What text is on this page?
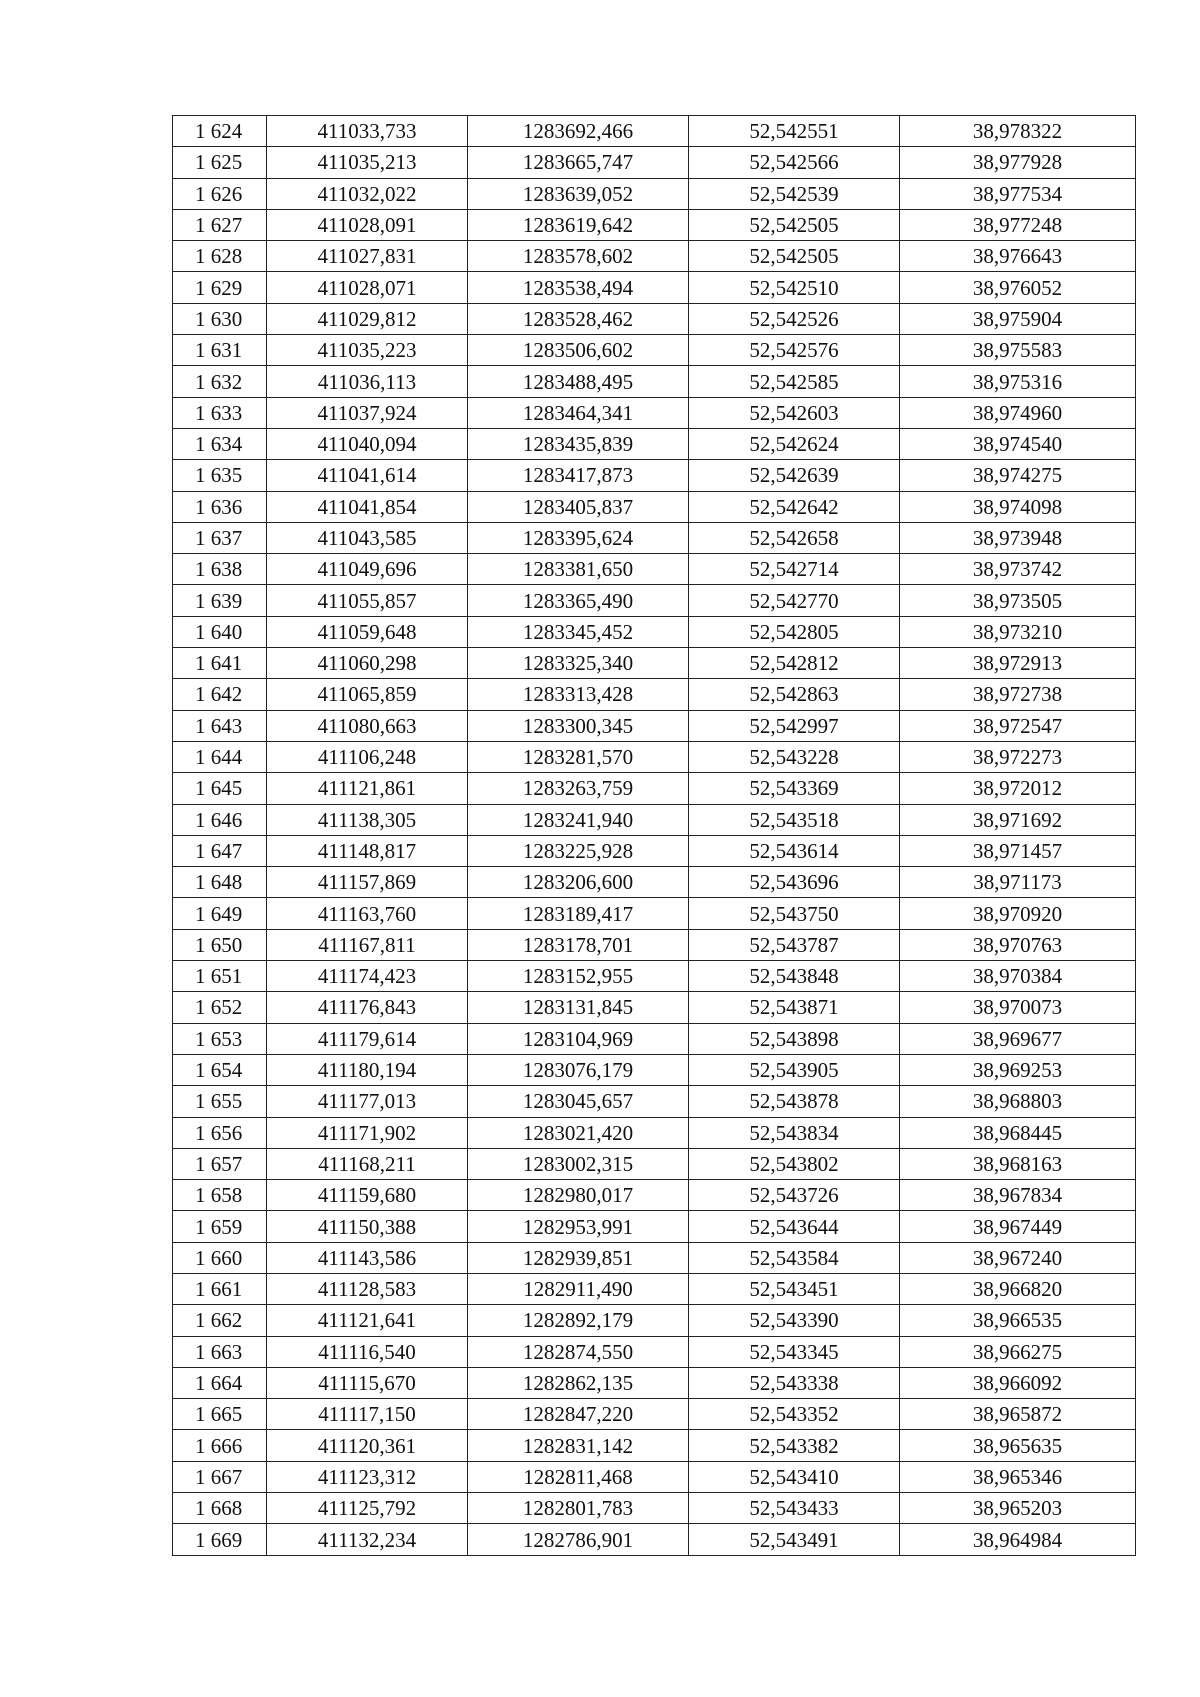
1 624	411033,733	1283692,466	52,542551	38,978322
1 625	411035,213	1283665,747	52,542566	38,977928
1 626	411032,022	1283639,052	52,542539	38,977534
1 627	411028,091	1283619,642	52,542505	38,977248
1 628	411027,831	1283578,602	52,542505	38,976643
1 629	411028,071	1283538,494	52,542510	38,976052
1 630	411029,812	1283528,462	52,542526	38,975904
1 631	411035,223	1283506,602	52,542576	38,975583
1 632	411036,113	1283488,495	52,542585	38,975316
1 633	411037,924	1283464,341	52,542603	38,974960
1 634	411040,094	1283435,839	52,542624	38,974540
1 635	411041,614	1283417,873	52,542639	38,974275
1 636	411041,854	1283405,837	52,542642	38,974098
1 637	411043,585	1283395,624	52,542658	38,973948
1 638	411049,696	1283381,650	52,542714	38,973742
1 639	411055,857	1283365,490	52,542770	38,973505
1 640	411059,648	1283345,452	52,542805	38,973210
1 641	411060,298	1283325,340	52,542812	38,972913
1 642	411065,859	1283313,428	52,542863	38,972738
1 643	411080,663	1283300,345	52,542997	38,972547
1 644	411106,248	1283281,570	52,543228	38,972273
1 645	411121,861	1283263,759	52,543369	38,972012
1 646	411138,305	1283241,940	52,543518	38,971692
1 647	411148,817	1283225,928	52,543614	38,971457
1 648	411157,869	1283206,600	52,543696	38,971173
1 649	411163,760	1283189,417	52,543750	38,970920
1 650	411167,811	1283178,701	52,543787	38,970763
1 651	411174,423	1283152,955	52,543848	38,970384
1 652	411176,843	1283131,845	52,543871	38,970073
1 653	411179,614	1283104,969	52,543898	38,969677
1 654	411180,194	1283076,179	52,543905	38,969253
1 655	411177,013	1283045,657	52,543878	38,968803
1 656	411171,902	1283021,420	52,543834	38,968445
1 657	411168,211	1283002,315	52,543802	38,968163
1 658	411159,680	1282980,017	52,543726	38,967834
1 659	411150,388	1282953,991	52,543644	38,967449
1 660	411143,586	1282939,851	52,543584	38,967240
1 661	411128,583	1282911,490	52,543451	38,966820
1 662	411121,641	1282892,179	52,543390	38,966535
1 663	411116,540	1282874,550	52,543345	38,966275
1 664	411115,670	1282862,135	52,543338	38,966092
1 665	411117,150	1282847,220	52,543352	38,965872
1 666	411120,361	1282831,142	52,543382	38,965635
1 667	411123,312	1282811,468	52,543410	38,965346
1 668	411125,792	1282801,783	52,543433	38,965203
1 669	411132,234	1282786,901	52,543491	38,964984
